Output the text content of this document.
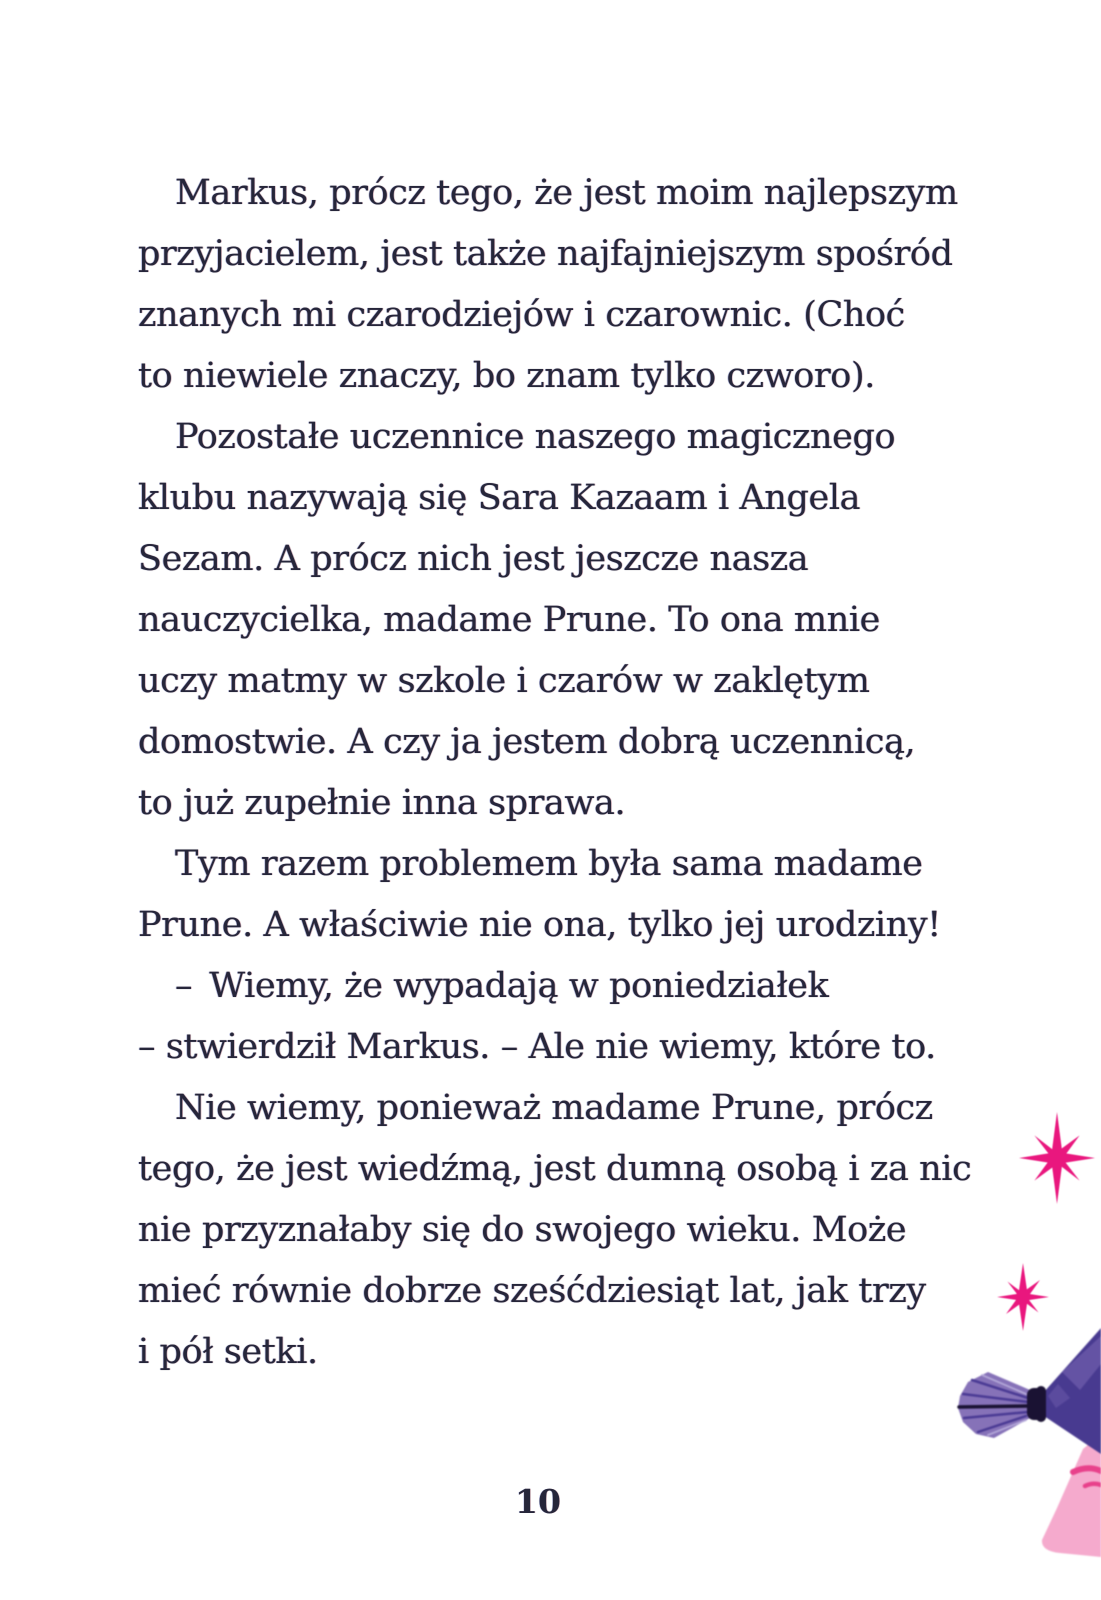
Markus, prócz tego, że jest moim najlepszym
przyjacielem, jest także najfajniejszym spośród
znanych mi czarodziejów i czarownic. (Choć
to niewiele znaczy, bo znam tylko czworo).
Pozostałe uczennice naszego magicznego
klubu nazywają się Sara Kazaam i Angela
Sezam. A prócz nich jest jeszcze nasza
nauczycielka, madame Prune. To ona mnie
uczy matmy w szkole i czarów w zaklętym
domostwie. A czy ja jestem dobrą uczennicą,
to już zupełnie inna sprawa.
Tym razem problemem była sama madame
Prune. A właściwie nie ona, tylko jej urodziny!
– Wiemy, że wypadają w poniedziałek
– stwierdził Markus. – Ale nie wiemy, które to.
Nie wiemy, ponieważ madame Prune, prócz
tego, że jest wiedźmą, jest dumną osobą i za nic
nie przyznałaby się do swojego wieku. Może
mieć równie dobrze sześćdziesiąt lat, jak trzy
i pół setki.
10
